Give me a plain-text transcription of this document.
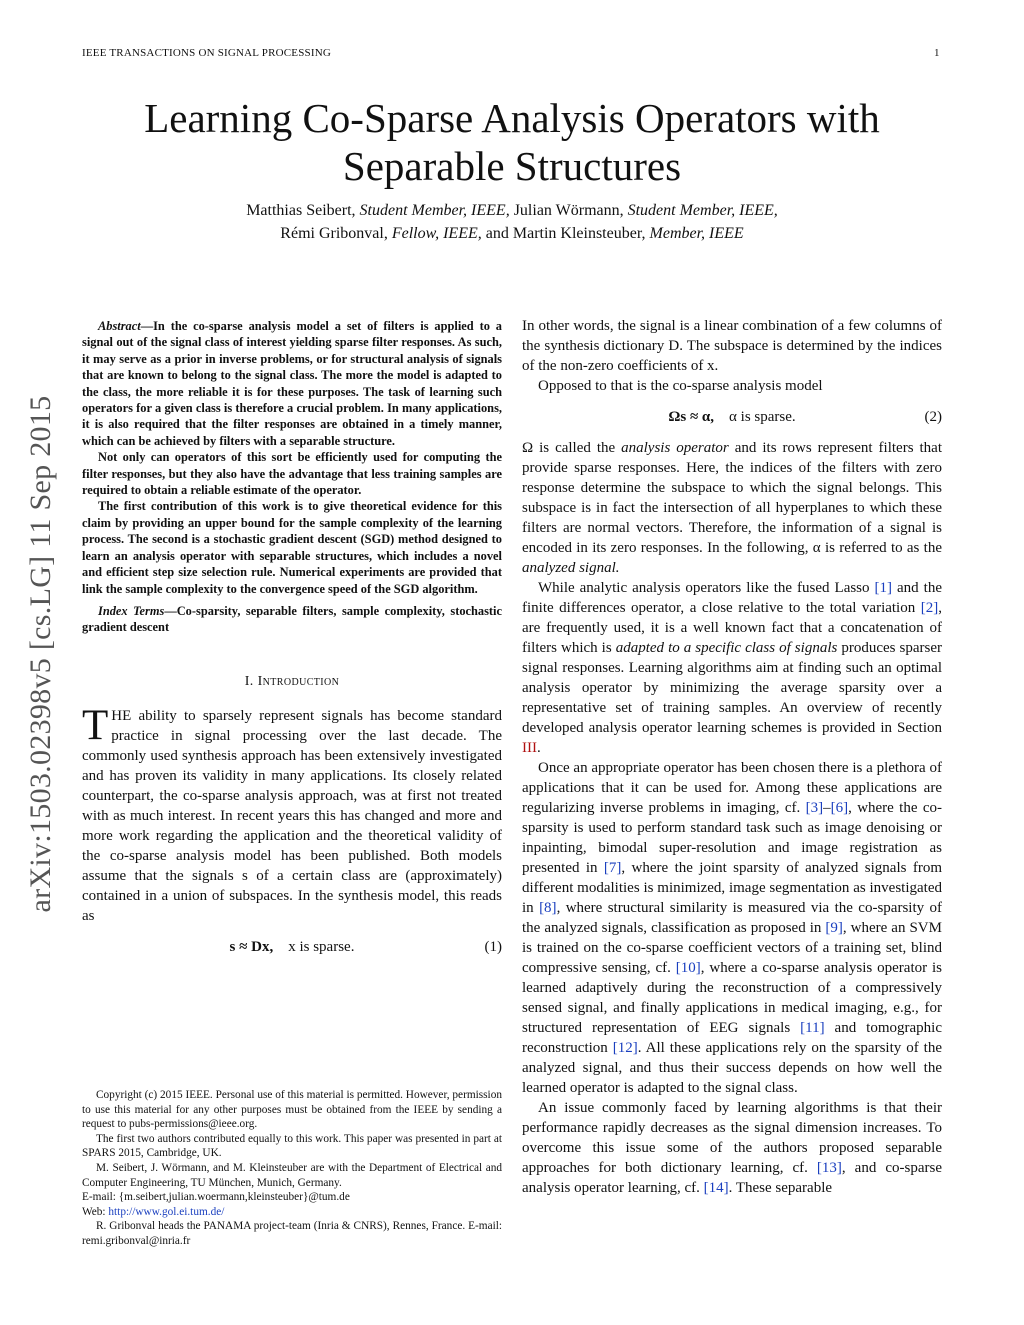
IEEE TRANSACTIONS ON SIGNAL PROCESSING	1
arXiv:1503.02398v5 [cs.LG] 11 Sep 2015
Learning Co-Sparse Analysis Operators with
Separable Structures
Matthias Seibert, Student Member, IEEE, Julian Wörmann, Student Member, IEEE,
Rémi Gribonval, Fellow, IEEE, and Martin Kleinsteuber, Member, IEEE

Abstract—In the co-sparse analysis model a set of filters is applied to a signal out of the signal class of interest yielding sparse filter responses. As such, it may serve as a prior in inverse problems, or for structural analysis of signals that are known to belong to the signal class. The more the model is adapted to the class, the more reliable it is for these purposes. The task of learning such operators for a given class is therefore a crucial problem. In many applications, it is also required that the filter responses are obtained in a timely manner, which can be achieved by filters with a separable structure.

Not only can operators of this sort be efficiently used for computing the filter responses, but they also have the advantage that less training samples are required to obtain a reliable estimate of the operator.

The first contribution of this work is to give theoretical evidence for this claim by providing an upper bound for the sample complexity of the learning process. The second is a stochastic gradient descent (SGD) method designed to learn an analysis operator with separable structures, which includes a novel and efficient step size selection rule. Numerical experiments are provided that link the sample complexity to the convergence speed of the SGD algorithm.

Index Terms—Co-sparsity, separable filters, sample complexity, stochastic gradient descent
I. Introduction

THE ability to sparsely represent signals has become standard practice in signal processing over the last decade. The commonly used synthesis approach has been extensively investigated and has proven its validity in many applications. Its closely related counterpart, the co-sparse analysis approach, was at first not treated with as much interest. In recent years this has changed and more and more work regarding the application and the theoretical validity of the co-sparse analysis model has been published. Both models assume that the signals s of a certain class are (approximately) contained in a union of subspaces. In the synthesis model, this reads as

s ≈ Dx, x is sparse.	(1)

Copyright (c) 2015 IEEE. Personal use of this material is permitted. However, permission to use this material for any other purposes must be obtained from the IEEE by sending a request to pubs-permissions@ieee.org.

The first two authors contributed equally to this work. This paper was presented in part at SPARS 2015, Cambridge, UK.

M. Seibert, J. Wörmann, and M. Kleinsteuber are with the Department of Electrical and Computer Engineering, TU München, Munich, Germany.

E-mail: {m.seibert,julian.woermann,kleinsteuber}@tum.de

Web: http://www.gol.ei.tum.de/

R. Gribonval heads the PANAMA project-team (Inria & CNRS), Rennes, France. E-mail: remi.gribonval@inria.fr

In other words, the signal is a linear combination of a few columns of the synthesis dictionary D. The subspace is determined by the indices of the non-zero coefficients of x.

Opposed to that is the co-sparse analysis model

Ωs ≈ α, α is sparse.	(2)

Ω is called the analysis operator and its rows represent filters that provide sparse responses. Here, the indices of the filters with zero response determine the subspace to which the signal belongs. This subspace is in fact the intersection of all hyperplanes to which these filters are normal vectors. Therefore, the information of a signal is encoded in its zero responses. In the following, α is referred to as the analyzed signal.

While analytic analysis operators like the fused Lasso [1] and the finite differences operator, a close relative to the total variation [2], are frequently used, it is a well known fact that a concatenation of filters which is adapted to a specific class of signals produces sparser signal responses. Learning algorithms aim at finding such an optimal analysis operator by minimizing the average sparsity over a representative set of training samples. An overview of recently developed analysis operator learning schemes is provided in Section III.

Once an appropriate operator has been chosen there is a plethora of applications that it can be used for. Among these applications are regularizing inverse problems in imaging, cf. [3]–[6], where the co-sparsity is used to perform standard task such as image denoising or inpainting, bimodal super-resolution and image registration as presented in [7], where the joint sparsity of analyzed signals from different modalities is minimized, image segmentation as investigated in [8], where structural similarity is measured via the co-sparsity of the analyzed signals, classification as proposed in [9], where an SVM is trained on the co-sparse coefficient vectors of a training set, blind compressive sensing, cf. [10], where a co-sparse analysis operator is learned adaptively during the reconstruction of a compressively sensed signal, and finally applications in medical imaging, e.g., for structured representation of EEG signals [11] and tomographic reconstruction [12]. All these applications rely on the sparsity of the analyzed signal, and thus their success depends on how well the learned operator is adapted to the signal class.

An issue commonly faced by learning algorithms is that their performance rapidly decreases as the signal dimension increases. To overcome this issue some of the authors proposed separable approaches for both dictionary learning, cf. [13], and co-sparse analysis operator learning, cf. [14]. These separable
